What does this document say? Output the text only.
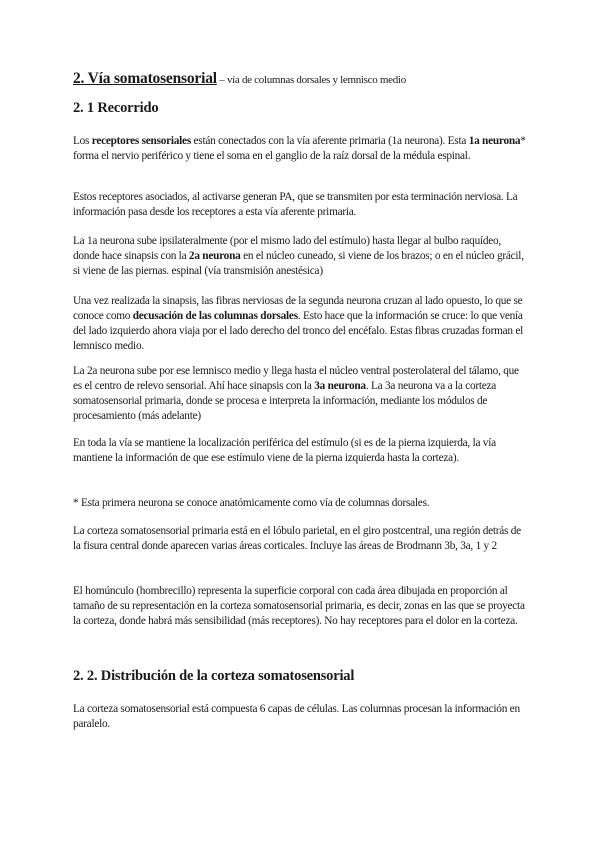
2. Vía somatosensorial – vía de columnas dorsales y lemnisco medio
2. 1 Recorrido

Los receptores sensoriales están conectados con la vía aferente primaria (1a neurona). Esta 1a neurona* forma el nervio periférico y tiene el soma en el ganglio de la raíz dorsal de la médula espinal.

Estos receptores asociados, al activarse generan PA, que se transmiten por esta terminación nerviosa. La información pasa desde los receptores a esta vía aferente primaria.

La 1a neurona sube ipsilateralmente (por el mismo lado del estímulo) hasta llegar al bulbo raquídeo, donde hace sinapsis con la 2a neurona en el núcleo cuneado, si viene de los brazos; o en el núcleo grácil, si viene de las piernas. espinal (vía transmisión anestésica)

Una vez realizada la sinapsis, las fibras nerviosas de la segunda neurona cruzan al lado opuesto, lo que se conoce como decusación de las columnas dorsales. Esto hace que la información se cruce: lo que venía del lado izquierdo ahora viaja por el lado derecho del tronco del encéfalo. Estas fibras cruzadas forman el lemnisco medio.

La 2a neurona sube por ese lemnisco medio y llega hasta el núcleo ventral posterolateral del tálamo, que es el centro de relevo sensorial. Ahí hace sinapsis con la 3a neurona. La 3a neurona va a la corteza somatosensorial primaria, donde se procesa e interpreta la información, mediante los módulos de procesamiento (más adelante)

En toda la vía se mantiene la localización periférica del estímulo (si es de la pierna izquierda, la vía mantiene la información de que ese estímulo viene de la pierna izquierda hasta la corteza).

* Esta primera neurona se conoce anatómicamente como vía de columnas dorsales.

La corteza somatosensorial primaria está en el lóbulo parietal, en el giro postcentral, una región detrás de la fisura central donde aparecen varias áreas corticales. Incluye las áreas de Brodmann 3b, 3a, 1 y 2

El homúnculo (hombrecillo) representa la superficie corporal con cada área dibujada en proporción al tamaño de su representación en la corteza somatosensorial primaria, es decir, zonas en las que se proyecta la corteza, donde habrá más sensibilidad (más receptores). No hay receptores para el dolor en la corteza.

2. 2. Distribución de la corteza somatosensorial

La corteza somatosensorial está compuesta 6 capas de células. Las columnas procesan la información en paralelo.
